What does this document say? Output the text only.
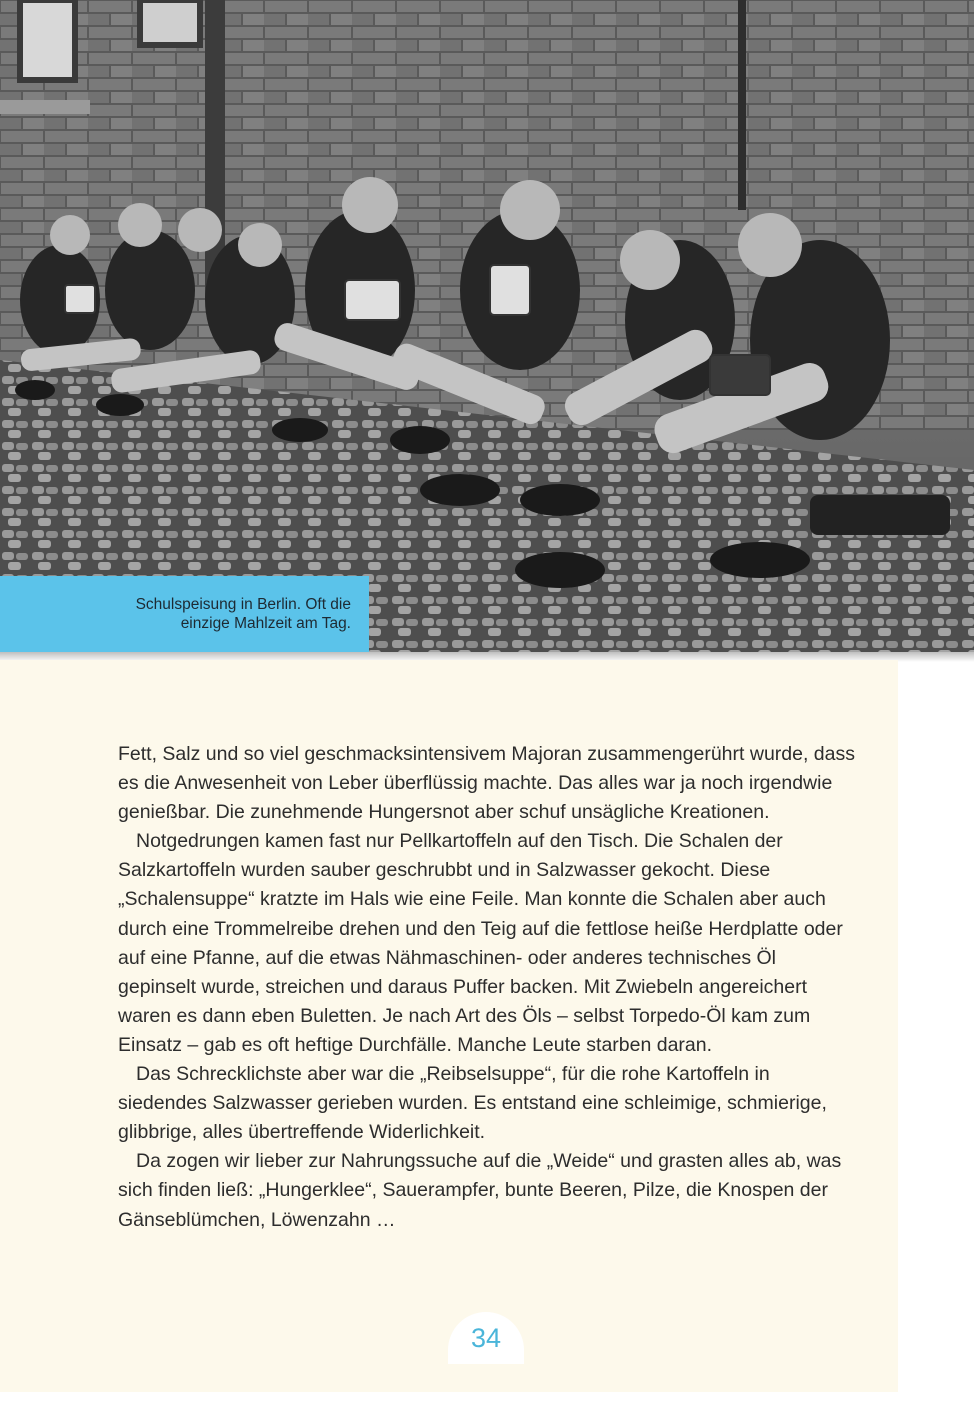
Schulspeisung in Berlin. Oft die
einzige Mahlzeit am Tag.

Fett, Salz und so viel geschmacksintensivem Majoran zusammengerührt wurde, dass es die Anwesenheit von Leber überflüssig machte. Das alles war ja noch irgendwie genießbar. Die zunehmende Hungersnot aber schuf unsägliche Kreationen.

Notgedrungen kamen fast nur Pellkartoffeln auf den Tisch. Die Schalen der Salzkartoffeln wurden sauber geschrubbt und in Salzwasser gekocht. Diese „Schalensuppe“ kratzte im Hals wie eine Feile. Man konnte die Schalen aber auch durch eine Trommelreibe drehen und den Teig auf die fettlose heiße Herdplatte oder auf eine Pfanne, auf die etwas Nähmaschinen- oder anderes technisches Öl gepinselt wurde, streichen und daraus Puffer backen. Mit Zwiebeln angereichert waren es dann eben Buletten. Je nach Art des Öls – selbst Torpedo-Öl kam zum Einsatz – gab es oft heftige Durchfälle. Manche Leute starben daran.

Das Schrecklichste aber war die „Reibselsuppe“, für die rohe Kartoffeln in siedendes Salzwasser gerieben wurden. Es entstand eine schleimige, schmierige, glibbrige, alles übertreffende Widerlichkeit.

Da zogen wir lieber zur Nahrungssuche auf die „Weide“ und grasten alles ab, was sich finden ließ: „Hungerklee“, Sauerampfer, bunte Beeren, Pilze, die Knospen der Gänseblümchen, Löwenzahn …

34
